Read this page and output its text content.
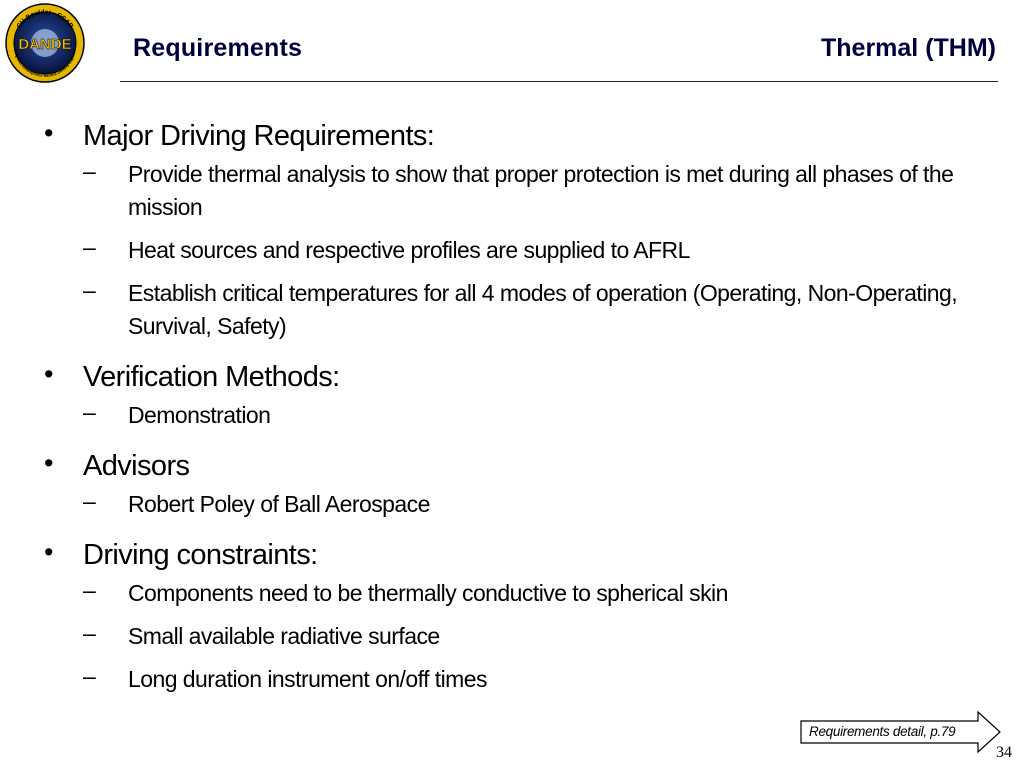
CU-Boulder · CCAR
Drag and Atmospheric Neutral Density Explorer
DANDE Requirements	Thermal (THM)
• Major Driving Requirements:
– Provide thermal analysis to show that proper protection is met during all phases of the mission
– Heat sources and respective profiles are supplied to AFRL
– Establish critical temperatures for all 4 modes of operation (Operating, Non-Operating, Survival, Safety)
• Verification Methods:
– Demonstration
• Advisors
– Robert Poley of Ball Aerospace
• Driving constraints:
– Components need to be thermally conductive to spherical skin
– Small available radiative surface
– Long duration instrument on/off times
Requirements detail, p.79
34
